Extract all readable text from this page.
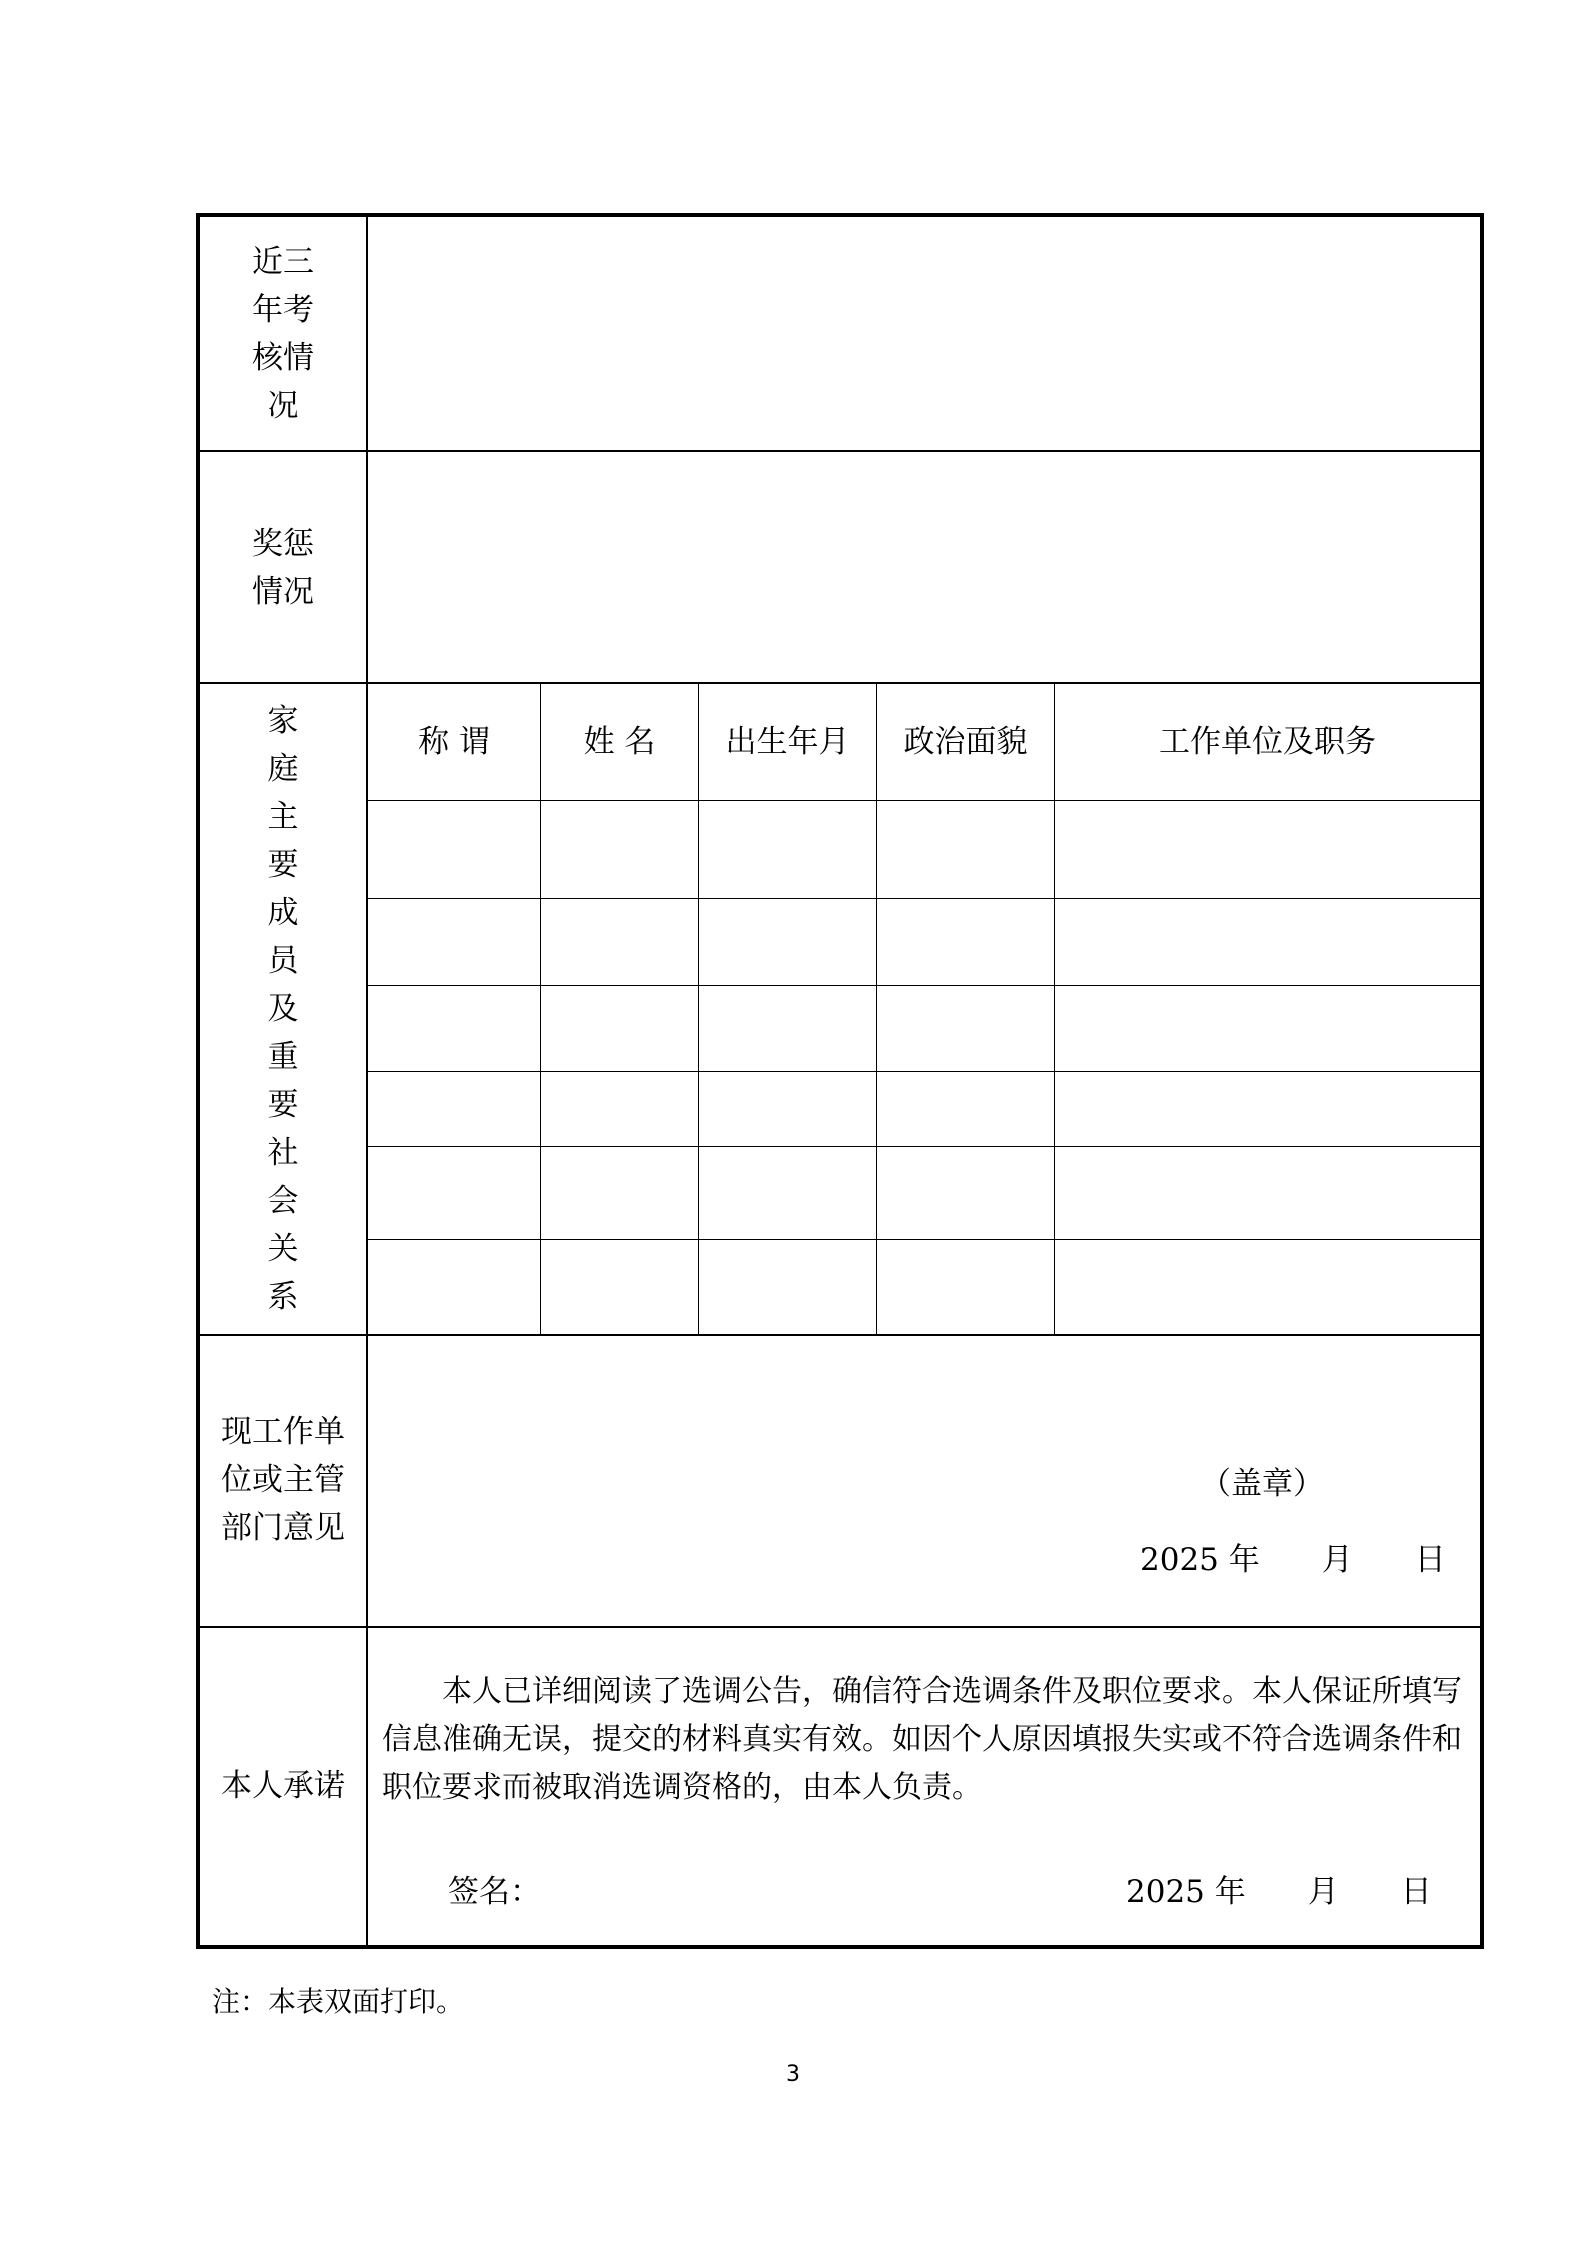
近三
年考
核情
况
奖惩
情况
家
庭
主
要
成
员
及
重
要
社
会
关
系
称 谓	姓 名	出生年月	政治面貌	工作单位及职务
现工作单
位或主管
部门意见
（盖章）
2025 年　　月　　日
本人承诺
本人已详细阅读了选调公告，确信符合选调条件及职位要求。本人保证所填写信息准确无误，提交的材料真实有效。如因个人原因填报失实或不符合选调条件和职位要求而被取消选调资格的，由本人负责。
签名：	2025 年　　月　　日
注：本表双面打印。
3
